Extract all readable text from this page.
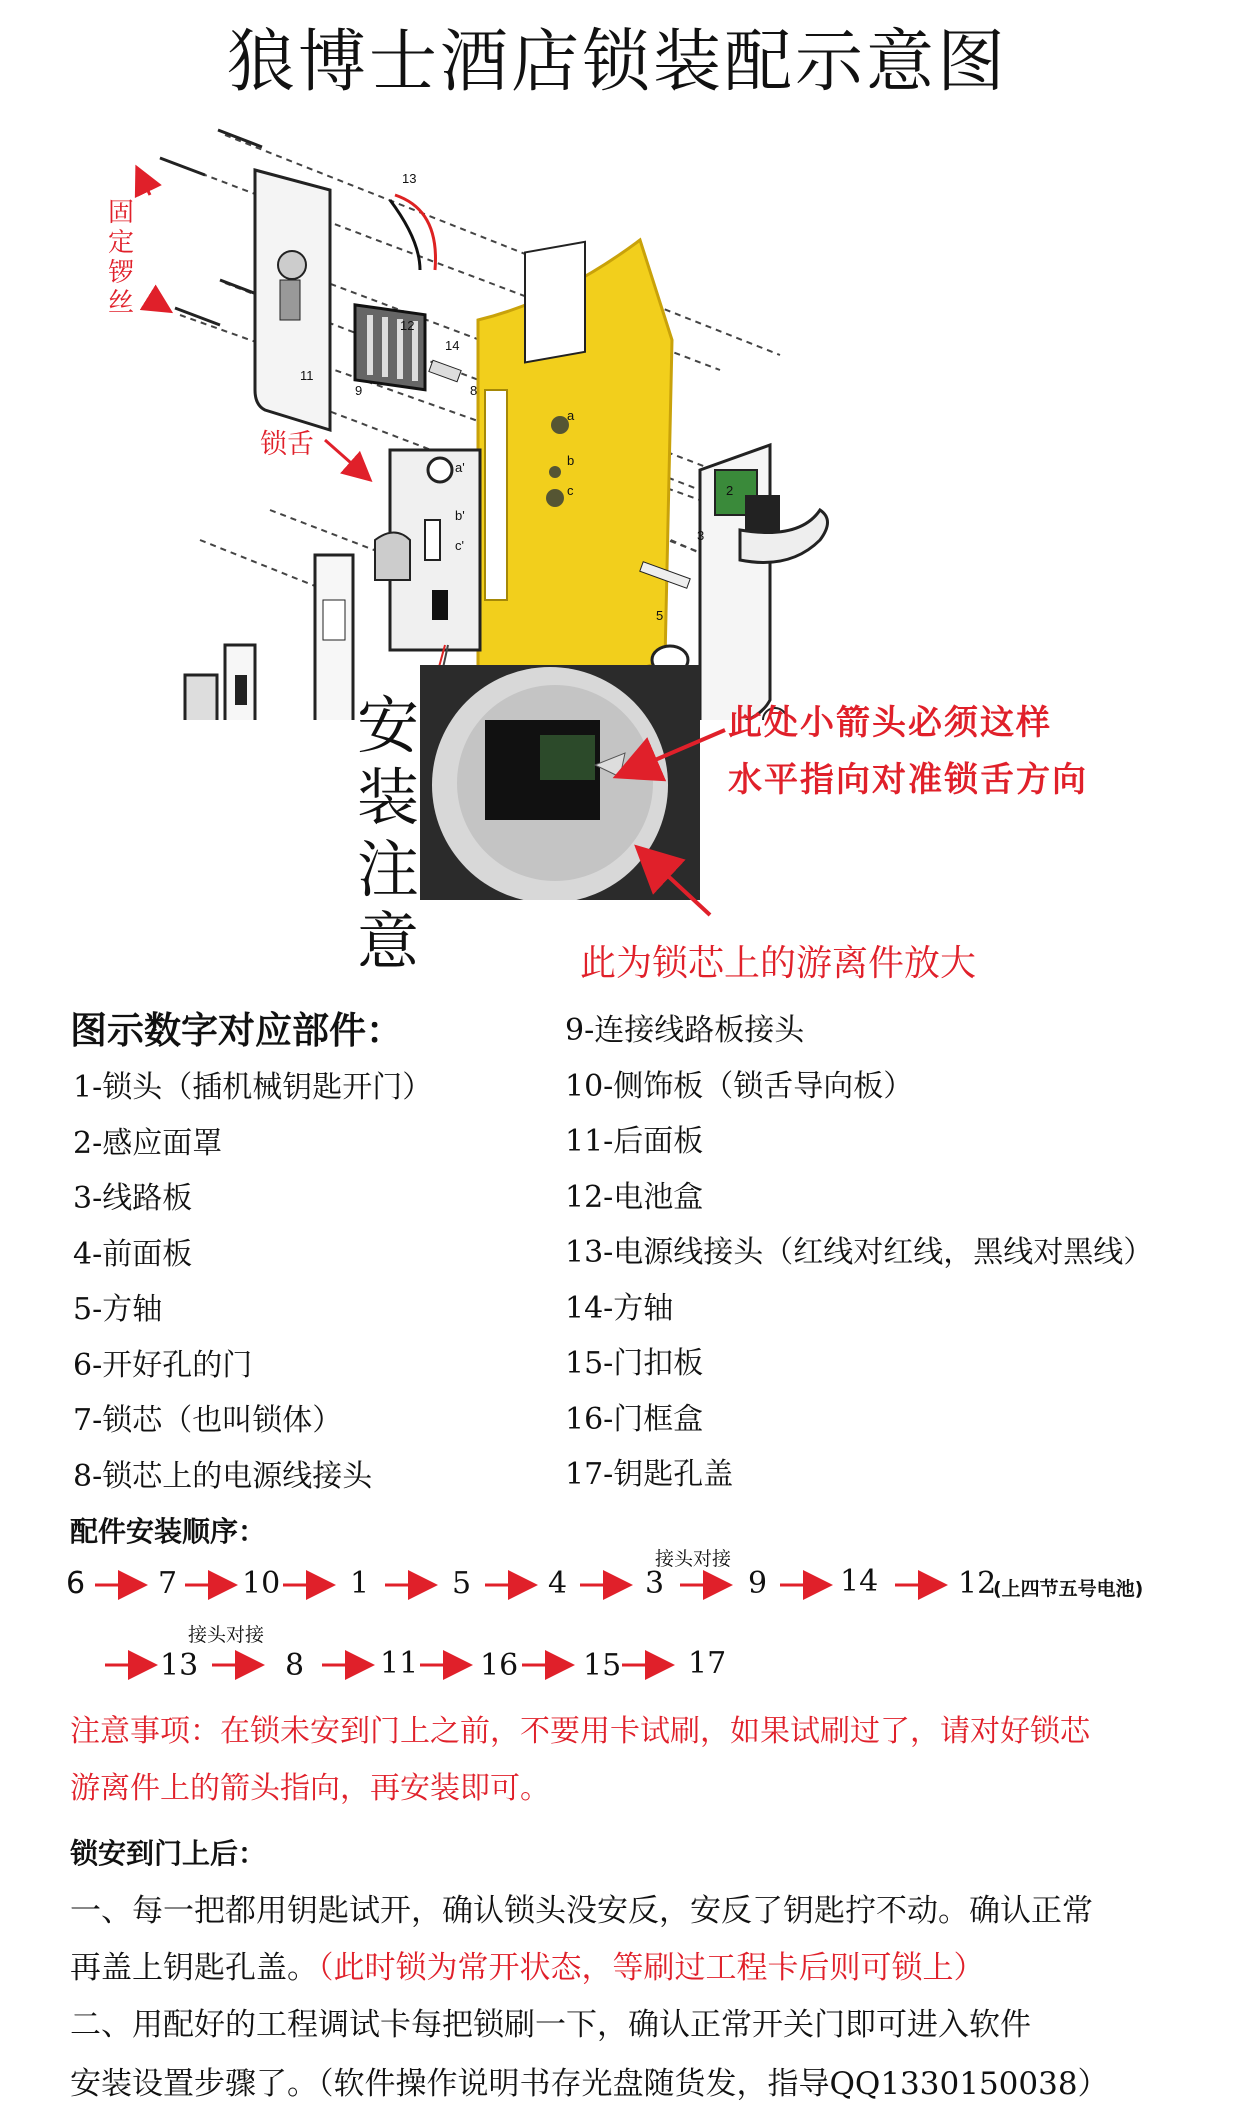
狼博士酒店锁装配示意图
13
12
14
11
9	8
a'
b'
c'
a
b
c
3
2
5
固
定
锣
丝
锁舌
安
装
注
意
此处小箭头必须这样
水平指向对准锁舌方向
此为锁芯上的游离件放大
图示数字对应部件：
1-锁头（插机械钥匙开门）
2-感应面罩
3-线路板
4-前面板
5-方轴
6-开好孔的门
7-锁芯（也叫锁体）
8-锁芯上的电源线接头
9-连接线路板接头
10-侧饰板（锁舌导向板）
11-后面板
12-电池盒
13-电源线接头（红线对红线，黑线对黑线）
14-方轴
15-门扣板
16-门框盒
17-钥匙孔盖
配件安装顺序：
6 7 10 1	5	4	3	9 14	12
(上四节五号电池)
接头对接
13
接头对接
8	11 16 15 17
注意事项：在锁未安到门上之前，不要用卡试刷，如果试刷过了，请对好锁芯
游离件上的箭头指向，再安装即可。
锁安到门上后：
一、每一把都用钥匙试开，确认锁头没安反，安反了钥匙拧不动。确认正常
再盖上钥匙孔盖。（此时锁为常开状态，等刷过工程卡后则可锁上）
二、用配好的工程调试卡每把锁刷一下，确认正常开关门即可进入软件
安装设置步骤了。（软件操作说明书存光盘随货发，指导QQ1330150038）
